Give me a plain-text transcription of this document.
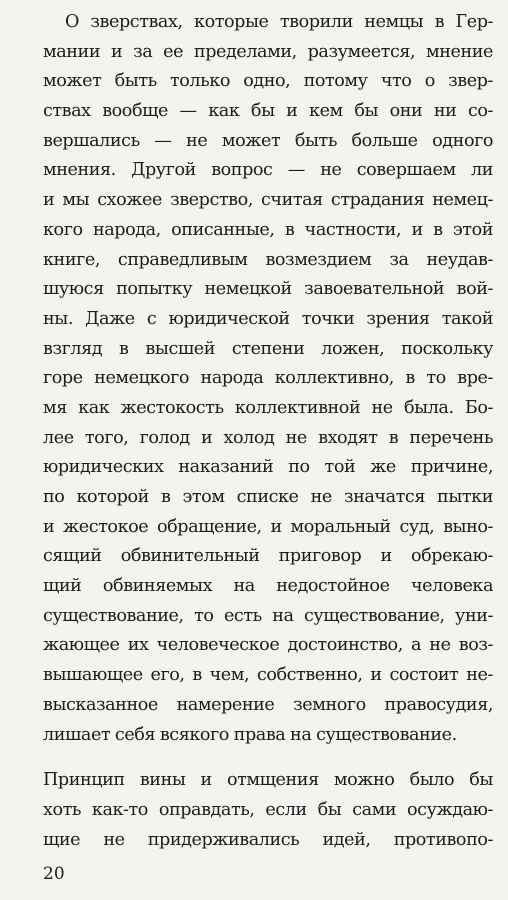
О зверствах, которые творили немцы в Гер-
мании и за ее пределами, разумеется, мнение
может быть только одно, потому что о звер-
ствах вообще — как бы и кем бы они ни со-
вершались — не может быть больше одного
мнения. Другой вопрос — не совершаем ли
и мы схожее зверство, считая страдания немец-
кого народа, описанные, в частности, и в этой
книге, справедливым возмездием за неудав-
шуюся попытку немецкой завоевательной вой-
ны. Даже с юридической точки зрения такой
взгляд в высшей степени ложен, поскольку
горе немецкого народа коллективно, в то вре-
мя как жестокость коллективной не была. Бо-
лее того, голод и холод не входят в перечень
юридических наказаний по той же причине,
по которой в этом списке не значатся пытки
и жестокое обращение, и моральный суд, выно-
сящий обвинительный приговор и обрекаю-
щий обвиняемых на недостойное человека
существование, то есть на существование, уни-
жающее их человеческое достоинство, а не воз-
вышающее его, в чем, собственно, и состоит не-
высказанное намерение земного правосудия,
лишает себя всякого права на существование.
Принцип вины и отмщения можно было бы
хоть как-то оправдать, если бы сами осуждаю-
щие не придерживались идей, противопо-
20
